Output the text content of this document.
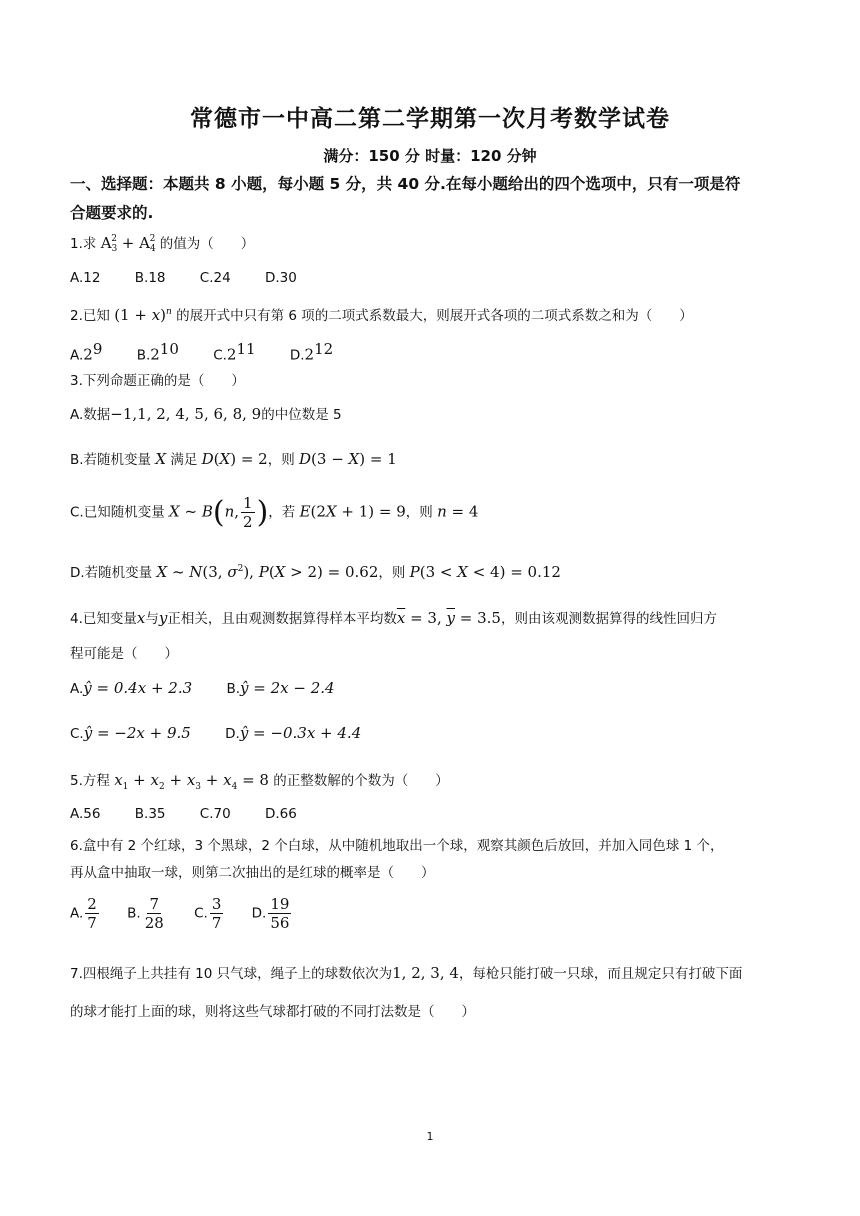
常德市一中高二第二学期第一次月考数学试卷
满分：150 分 时量：120 分钟
一、选择题：本题共 8 小题，每小题 5 分，共 40 分.在每小题给出的四个选项中，只有一项是符
合题要求的.
1.求 $A_3^2 + A_4^2$ 的值为（　　）
A.12	B.18	C.24	D.30
2.已知 $(1 + x)^n$ 的展开式中只有第 6 项的二项式系数最大，则展开式各项的二项式系数之和为（　　）
$A.2^9$	$B.2^{10}$	$C.2^{11}$	$D.2^{12}$
3.下列命题正确的是（　　）
A.数据−1,1, 2, 4, 5, 6, 8, 9的中位数是 5
B.若随机变量 X 满足 D(X) = 2，则 D(3 − X) = 1
C.已知随机变量 X ~ B(n, $\frac{1}{2}$ )，若 E(2X + 1) = 9，则 n = 4
D.若随机变量 X ~ N(3, $\sigma^2$), P(X > 2) = 0.62，则 P(3 < X < 4) = 0.12
4.已知变量x与y正相关，且由观测数据算得样本平均数$\overline{x} = 3$, $\overline{y} = 3.5$，则由该观测数据算得的线性回归方
程可能是（　　）
A.ŷ = 0.4x + 2.3	B.ŷ = 2x − 2.4
C.ŷ = −2x + 9.5	D.ŷ = −0.3x + 4.4
5.方程 $x_1 + x_2 + x_3 + x_4 = 8$ 的正整数解的个数为（　　）
A.56	B.35	C.70	D.66
6.盒中有 2 个红球，3 个黑球，2 个白球，从中随机地取出一个球，观察其颜色后放回，并加入同色球 1 个，
再从盒中抽取一球，则第二次抽出的是红球的概率是（　　）
A. $\frac{2}{7} B$. $\frac{7}{28} C$. $\frac{3}{7} D$. $\frac{19}{56}$
7.四根绳子上共挂有 10 只气球，绳子上的球数依次为1, 2, 3, 4，每枪只能打破一只球，而且规定只有打破下面
的球才能打上面的球，则将这些气球都打破的不同打法数是（　　）
1
